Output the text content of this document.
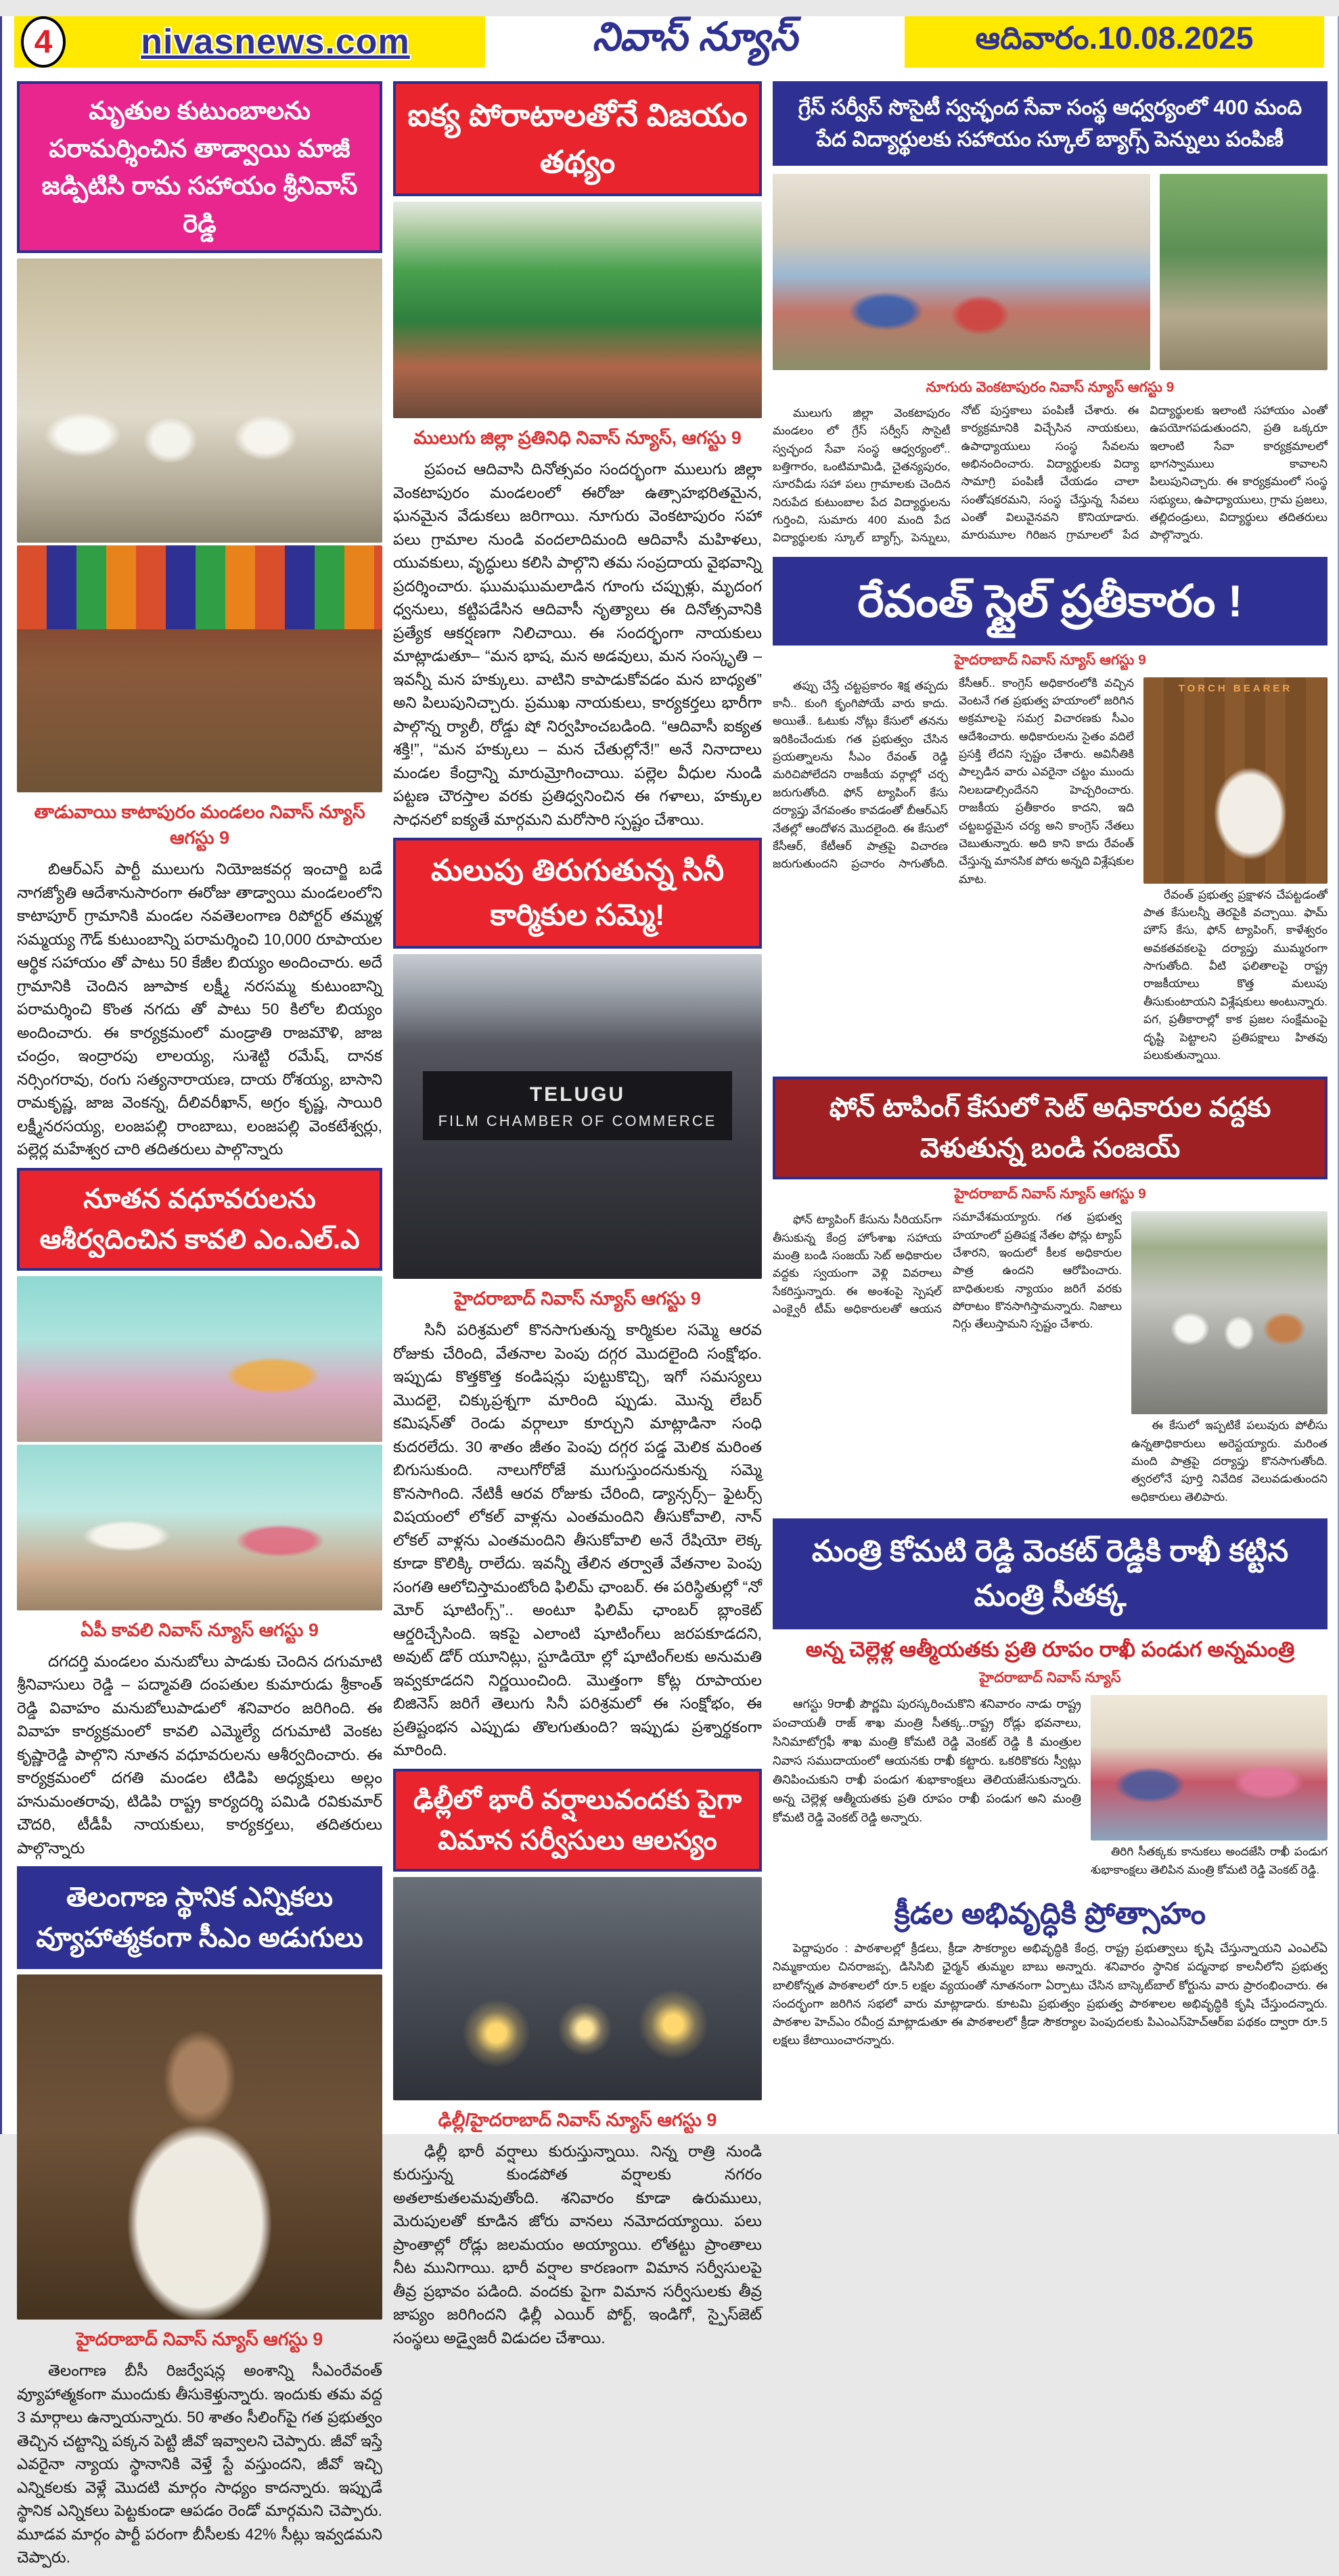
4	nivasnews.com	నివాస్ న్యూస్	ఆదివారం.10.08.2025
మృతుల కుటుంబాలను పరామర్శించిన తాడ్వాయి మాజీ జడ్పిటిసి రామ సహాయం శ్రీనివాస్ రెడ్డి
తాడువాయి కాటాపురం మండలం నివాస్ న్యూస్ ఆగస్టు 9

బిఆర్ఎస్ పార్టీ ములుగు నియోజకవర్గ ఇంచార్జి బడే నాగజ్యోతి ఆదేశానుసారంగా ఈరోజు తాడ్వాయి మండలంలోని కాటాపూర్ గ్రామానికి మండల నవతెలంగాణ రిపోర్టర్ తమ్మళ్ల సమ్మయ్య గౌడ్ కుటుంబాన్ని పరామర్శించి 10,000 రూపాయల ఆర్థిక సహాయం తో పాటు 50 కేజీల బియ్యం అందించారు. అదే గ్రామానికి చెందిన జూపాక లక్ష్మీ నరసమ్మ కుటుంబాన్ని పరామర్శించి కొంత నగదు తో పాటు 50 కిలోల బియ్యం అందించారు. ఈ కార్యక్రమంలో మండ్రాతి రాజమౌళి, జాజ చంద్రం, ఇంద్రారపు లాలయ్య, సుశెట్టి రమేష్, దానక నర్సింగరావు, రంగు సత్యనారాయణ, దాయ రోశయ్య, బాసాని రామకృష్ణ, జాజ వెంకన్న, దీలివరీఖాన్, అగ్రం కృష్ణ, సాయిరి లక్ష్మీనరసయ్య, లంజపల్లి రాంబాబు, లంజపల్లి వెంకటేశ్వర్లు, పల్లెర్ల మహేశ్వర చారి తదితరులు పాల్గొన్నారు

నూతన వధూవరులను ఆశీర్వదించిన కావలి ఎం.ఎల్.ఎ
ఏపీ కావలి నివాస్ న్యూస్ ఆగస్టు 9

దగదర్తి మండలం మనుబోలు పాడుకు చెందిన దగుమాటి శ్రీనివాసులు రెడ్డి – పద్మావతి దంపతుల కుమారుడు శ్రీకాంత్ రెడ్డి వివాహం మనుబోలుపాడులో శనివారం జరిగింది. ఈ వివాహ కార్యక్రమంలో కావలి ఎమ్మెల్యే దగుమాటి వెంకట కృష్ణారెడ్డి పాల్గొని నూతన వధూవరులను ఆశీర్వదించారు. ఈ కార్యక్రమంలో దగతి మండల టిడిపి అధ్యక్షులు అల్లం హనుమంతరావు, టిడిపి రాష్ట్ర కార్యదర్శి పమిడి రవికుమార్ చౌదరి, టీడీపీ నాయకులు, కార్యకర్తలు, తదితరులు పాల్గొన్నారు

తెలంగాణ స్థానిక ఎన్నికలు వ్యూహాత్మకంగా సీఎం అడుగులు
హైదరాబాద్ నివాస్ న్యూస్ ఆగస్టు 9

తెలంగాణ బీసీ రిజర్వేషన్ల అంశాన్ని సీఎంరేవంత్ వ్యూహాత్మకంగా ముందుకు తీసుకెళ్తున్నారు. ఇందుకు తమ వద్ద 3 మార్గాలు ఉన్నాయన్నారు. 50 శాతం సీలింగ్‌పై గత ప్రభుత్వం తెచ్చిన చట్టాన్ని పక్కన పెట్టి జీవో ఇవ్వాలని చెప్పారు. జీవో ఇస్తే ఎవరైనా న్యాయ స్థానానికి వెళ్తే స్టే వస్తుందని, జీవో ఇచ్చి ఎన్నికలకు వెళ్లే మొదటి మార్గం సాధ్యం కాదన్నారు. ఇప్పుడే స్థానిక ఎన్నికలు పెట్టకుండా ఆపడం రెండో మార్గమని చెప్పారు. మూడవ మార్గం పార్టీ పరంగా బీసీలకు 42% సీట్లు ఇవ్వడమని చెప్పారు.

ఐక్య పోరాటాలతోనే విజయం తథ్యం
ములుగు జిల్లా ప్రతినిధి నివాస్ న్యూస్, ఆగస్టు 9

ప్రపంచ ఆదివాసి దినోత్సవం సందర్భంగా ములుగు జిల్లా వెంకటాపురం మండలంలో ఈరోజు ఉత్సాహభరితమైన, ఘనమైన వేడుకలు జరిగాయి. నూగురు వెంకటాపురం సహా పలు గ్రామాల నుండి వందలాదిమంది ఆదివాసీ మహిళలు, యువకులు, వృద్ధులు కలిసి పాల్గొని తమ సంప్రదాయ వైభవాన్ని ప్రదర్శించారు. ఘుమఘుమలాడిన గూంగు చప్పుళ్లు, మృదంగ ధ్వనులు, కట్టిపడేసిన ఆదివాసీ నృత్యాలు ఈ దినోత్సవానికి ప్రత్యేక ఆకర్షణగా నిలిచాయి. ఈ సందర్భంగా నాయకులు మాట్లాడుతూ– “మన భాష, మన అడవులు, మన సంస్కృతి – ఇవన్నీ మన హక్కులు. వాటిని కాపాడుకోవడం మన బాధ్యత” అని పిలుపునిచ్చారు. ప్రముఖ నాయకులు, కార్యకర్తలు భారీగా పాల్గొన్న ర్యాలీ, రోడ్డు షో నిర్వహించబడింది. “ఆదివాసీ ఐక్యత శక్తి!”, “మన హక్కులు – మన చేతుల్లోనే!” అనే నినాదాలు మండల కేంద్రాన్ని మారుమ్రోగించాయి. పల్లెల వీధుల నుండి పట్టణ చౌరస్తాల వరకు ప్రతిధ్వనించిన ఈ గళాలు, హక్కుల సాధనలో ఐక్యతే మార్గమని మరోసారి స్పష్టం చేశాయి.

మలుపు తిరుగుతున్న సినీ కార్మికుల సమ్మె!
TELUGU
FILM CHAMBER OF COMMERCE
హైదరాబాద్ నివాస్ న్యూస్ ఆగస్టు 9

సినీ పరిశ్రమలో కొనసాగుతున్న కార్మికుల సమ్మె ఆరవ రోజుకు చేరింది, వేతనాల పెంపు దగ్గర మొదలైంది సంక్షోభం. ఇప్పుడు కొత్తకొత్త కండిషన్లు పుట్టుకొచ్చి, ఇగో సమస్యలు మొదలై, చిక్కుప్రశ్నగా మారింది ప్పుడు. మొన్న లేబర్ కమిషన్‌తో రెండు వర్గాలూ కూర్చుని మాట్లాడినా సంధి కుదరలేదు. 30 శాతం జీతం పెంపు దగ్గర పడ్డ మెలిక మరింత బిగుసుకుంది. నాలుగోరోజే ముగుస్తుందనుకున్న సమ్మె కొనసాగింది. నేటికీ ఆరవ రోజుకు చేరింది, డ్యాన్సర్స్– ఫైటర్స్ విషయంలో లోకల్ వాళ్లను ఎంతమందిని తీసుకోవాలి, నాన్ లోకల్ వాళ్లను ఎంతమందిని తీసుకోవాలి అనే రేషియో లెక్క కూడా కొలిక్కి రాలేదు. ఇవన్నీ తేలిన తర్వాతే వేతనాల పెంపు సంగతి ఆలోచిస్తామంటోంది ఫిలిమ్ ఛాంబర్. ఈ పరిస్థితుల్లో “నో మోర్ షూటింగ్స్”.. అంటూ ఫిలిమ్ ఛాంబర్ బ్లాంకెట్ ఆర్డరిచ్చేసింది. ఇకపై ఎలాంటి షూటింగ్‌లు జరపకూడదని, అవుట్ డోర్ యూనిట్లు, స్టూడియో ల్లో షూటింగ్‌లకు అనుమతి ఇవ్వకూడదని నిర్ణయించింది. మొత్తంగా కోట్ల రూపాయల బిజినెస్ జరిగే తెలుగు సినీ పరిశ్రమలో ఈ సంక్షోభం, ఈ ప్రతిష్టంభన ఎప్పుడు తొలగుతుంది? ఇప్పుడు ప్రశ్నార్థకంగా మారింది.

ఢిల్లీలో భారీ వర్షాలువందకు పైగా విమాన సర్వీసులు ఆలస్యం
ఢిల్లీ/హైదరాబాద్ నివాస్ న్యూస్ ఆగస్టు 9

ఢిల్లీ భారీ వర్షాలు కురుస్తున్నాయి. నిన్న రాత్రి నుండి కురుస్తున్న కుండపోత వర్షాలకు నగరం అతలాకుతలమవుతోంది. శనివారం కూడా ఉరుములు, మెరుపులతో కూడిన జోరు వానలు నమోదయ్యాయి. పలు ప్రాంతాల్లో రోడ్లు జలమయం అయ్యాయి. లోతట్టు ప్రాంతాలు నీట మునిగాయి. భారీ వర్షాల కారణంగా విమాన సర్వీసులపై తీవ్ర ప్రభావం పడింది. వందకు పైగా విమాన సర్వీసులకు తీవ్ర జాప్యం జరిగిందని ఢిల్లీ ఎయిర్ పోర్ట్, ఇండిగో, స్పైస్‌జెట్ సంస్థలు అడ్వైజరీ విడుదల చేశాయి.

గ్రేస్ సర్వీస్ సొసైటీ స్వచ్ఛంద సేవా సంస్థ ఆధ్వర్యంలో 400 మంది పేద విద్యార్థులకు సహాయం స్కూల్ బ్యాగ్స్ పెన్నులు పంపిణీ
నూగురు వెంకటాపురం నివాస్ న్యూస్ ఆగస్టు 9

ములుగు జిల్లా వెంకటాపురం మండలం లో గ్రేస్ సర్వీస్ సొసైటీ స్వచ్ఛంద సేవా సంస్థ ఆధ్వర్యంలో.. బత్తిగారం, ఒంటిమామిడి, చైతన్యపురం, సూరవీడు సహా పలు గ్రామాలకు చెందిన నిరుపేద కుటుంబాల పేద విద్యార్థులను గుర్తించి, సుమారు 400 మంది పేద విద్యార్థులకు స్కూల్ బ్యాగ్స్, పెన్నులు, నోట్ పుస్తకాలు పంపిణీ చేశారు. ఈ కార్యక్రమానికి విచ్చేసిన నాయకులు, ఉపాధ్యాయులు సంస్థ సేవలను అభినందించారు. విద్యార్థులకు విద్యా సామాగ్రి పంపిణీ చేయడం చాలా సంతోషకరమని, సంస్థ చేస్తున్న సేవలు ఎంతో విలువైనవని కొనియాడారు. మారుమూల గిరిజన గ్రామాలలో పేద విద్యార్థులకు ఇలాంటి సహాయం ఎంతో ఉపయోగపడుతుందని, ప్రతి ఒక్కరూ ఇలాంటి సేవా కార్యక్రమాలలో భాగస్వాములు కావాలని పిలుపునిచ్చారు. ఈ కార్యక్రమంలో సంస్థ సభ్యులు, ఉపాధ్యాయులు, గ్రామ ప్రజలు, తల్లిదండ్రులు, విద్యార్థులు తదితరులు పాల్గొన్నారు.

రేవంత్ స్టైల్ ప్రతీకారం !
హైదరాబాద్ నివాస్ న్యూస్ ఆగస్టు 9

తప్పు చేస్తే చట్టప్రకారం శిక్ష తప్పదు కానీ.. కుంగి కృంగిపోయే వారు కాదు. అయితే.. ఓటుకు నోట్లు కేసులో తనను ఇరికించేందుకు గత ప్రభుత్వం చేసిన ప్రయత్నాలను సీఎం రేవంత్ రెడ్డి మరిచిపోలేదని రాజకీయ వర్గాల్లో చర్చ జరుగుతోంది. ఫోన్ ట్యాపింగ్ కేసు దర్యాప్తు వేగవంతం కావడంతో బీఆర్ఎస్ నేతల్లో ఆందోళన మొదలైంది. ఈ కేసులో కేసీఆర్, కేటీఆర్ పాత్రపై విచారణ జరుగుతుందని ప్రచారం సాగుతోంది. కేసీఆర్.. కాంగ్రెస్ అధికారంలోకి వచ్చిన వెంటనే గత ప్రభుత్వ హయాంలో జరిగిన అక్రమాలపై సమగ్ర విచారణకు సీఎం ఆదేశించారు. అధికారులను సైతం వదిలే ప్రసక్తి లేదని స్పష్టం చేశారు. అవినీతికి పాల్పడిన వారు ఎవరైనా చట్టం ముందు నిలబడాల్సిందేనని హెచ్చరించారు. రాజకీయ ప్రతీకారం కాదని, ఇది చట్టబద్ధమైన చర్య అని కాంగ్రెస్ నేతలు చెబుతున్నారు. అది కాని కాదు రేవంత్ చేస్తున్న మానసిక పోరు అన్నది విశ్లేషకుల మాట.

TORCH BEARER

రేవంత్ ప్రభుత్వ ప్రక్షాళన చేపట్టడంతో పాత కేసులన్నీ తెరపైకి వచ్చాయి. ఫామ్ హౌస్ కేసు, ఫోన్ ట్యాపింగ్, కాళేశ్వరం అవకతవకలపై దర్యాప్తు ముమ్మరంగా సాగుతోంది. వీటి ఫలితాలపై రాష్ట్ర రాజకీయాలు కొత్త మలుపు తీసుకుంటాయని విశ్లేషకులు అంటున్నారు. పగ, ప్రతీకారాల్లో కాక ప్రజల సంక్షేమంపై దృష్టి పెట్టాలని ప్రతిపక్షాలు హితవు పలుకుతున్నాయి.

ఫోన్ టాపింగ్ కేసులో సెట్ అధికారుల వద్దకు వెళుతున్న బండి సంజయ్
హైదరాబాద్ నివాస్ న్యూస్ ఆగస్టు 9

ఫోన్ ట్యాపింగ్ కేసును సీరియస్‌గా తీసుకున్న కేంద్ర హోంశాఖ సహాయ మంత్రి బండి సంజయ్ సెట్ అధికారుల వద్దకు స్వయంగా వెళ్లి వివరాలు సేకరిస్తున్నారు. ఈ అంశంపై స్పెషల్ ఎంక్వైరీ టీమ్ అధికారులతో ఆయన సమావేశమయ్యారు. గత ప్రభుత్వ హయాంలో ప్రతిపక్ష నేతల ఫోన్లు ట్యాప్ చేశారని, ఇందులో కీలక అధికారుల పాత్ర ఉందని ఆరోపించారు. బాధితులకు న్యాయం జరిగే వరకు పోరాటం కొనసాగిస్తామన్నారు. నిజాలు నిగ్గు తేలుస్తామని స్పష్టం చేశారు.

ఈ కేసులో ఇప్పటికే పలువురు పోలీసు ఉన్నతాధికారులు అరెస్టయ్యారు. మరింత మంది పాత్రపై దర్యాప్తు కొనసాగుతోంది. త్వరలోనే పూర్తి నివేదిక వెలువడుతుందని అధికారులు తెలిపారు.

మంత్రి కోమటి రెడ్డి వెంకట్ రెడ్డికి రాఖీ కట్టిన మంత్రి సీతక్క
అన్న చెల్లెళ్ల ఆత్మీయతకు ప్రతి రూపం రాఖీ పండుగ అన్నమంత్రి
హైదరాబాద్ నివాస్ న్యూస్

ఆగస్టు 9రాఖీ పౌర్ణమి పురస్కరించుకొని శనివారం నాడు రాష్ట్ర పంచాయతీ రాజ్ శాఖ మంత్రి సీతక్క..రాష్ట్ర రోడ్లు భవనాలు, సినిమాటోగ్రఫీ శాఖ మంత్రి కోమటి రెడ్డి వెంకట్ రెడ్డి కి మంత్రుల నివాస సముదాయంలో ఆయనకు రాఖీ కట్టారు. ఒకరికొకరు స్వీట్లు తినిపించుకుని రాఖీ పండుగ శుభాకాంక్షలు తెలియజేసుకున్నారు. అన్న చెల్లెళ్ల ఆత్మీయతకు ప్రతి రూపం రాఖీ పండుగ అని మంత్రి కోమటి రెడ్డి వెంకట్ రెడ్డి అన్నారు.

తిరిగి సీతక్కకు కానుకలు అందజేసి రాఖీ పండుగ శుభాకాంక్షలు తెలిపిన మంత్రి కోమటి రెడ్డి వెంకట్ రెడ్డి.

క్రీడల అభివృద్ధికి ప్రోత్సాహం

పెద్దాపురం : పాఠశాలల్లో క్రీడలు, క్రీడా సౌకర్యాల అభివృద్ధికి కేంద్ర, రాష్ట్ర ప్రభుత్వాలు కృషి చేస్తున్నాయని ఎంఎల్ఏ నిమ్మకాయల చినరాజప్ప, డిసిసిబి ఛైర్మన్ తుమ్మల బాబు అన్నారు. శనివారం స్థానిక పద్మనాభ కాలనీలోని ప్రభుత్వ బాలికోన్నత పాఠశాలలో రూ.5 లక్షల వ్యయంతో నూతనంగా ఏర్పాటు చేసిన బాస్కెట్‌బాల్ కోర్టును వారు ప్రారంభించారు. ఈ సందర్భంగా జరిగిన సభలో వారు మాట్లాడారు. కూటమి ప్రభుత్వం ప్రభుత్వ పాఠశాలల అభివృద్ధికి కృషి చేస్తుందన్నారు. పాఠశాల హెచ్ఎం రవీంద్ర మాట్లాడుతూ ఈ పాఠశాలలో క్రీడా సౌకర్యాల పెంపుదలకు పిఎంఎస్‌హెచ్‌ఆర్‌ఐ పథకం ద్వారా రూ.5 లక్షలు కేటాయించారన్నారు.
